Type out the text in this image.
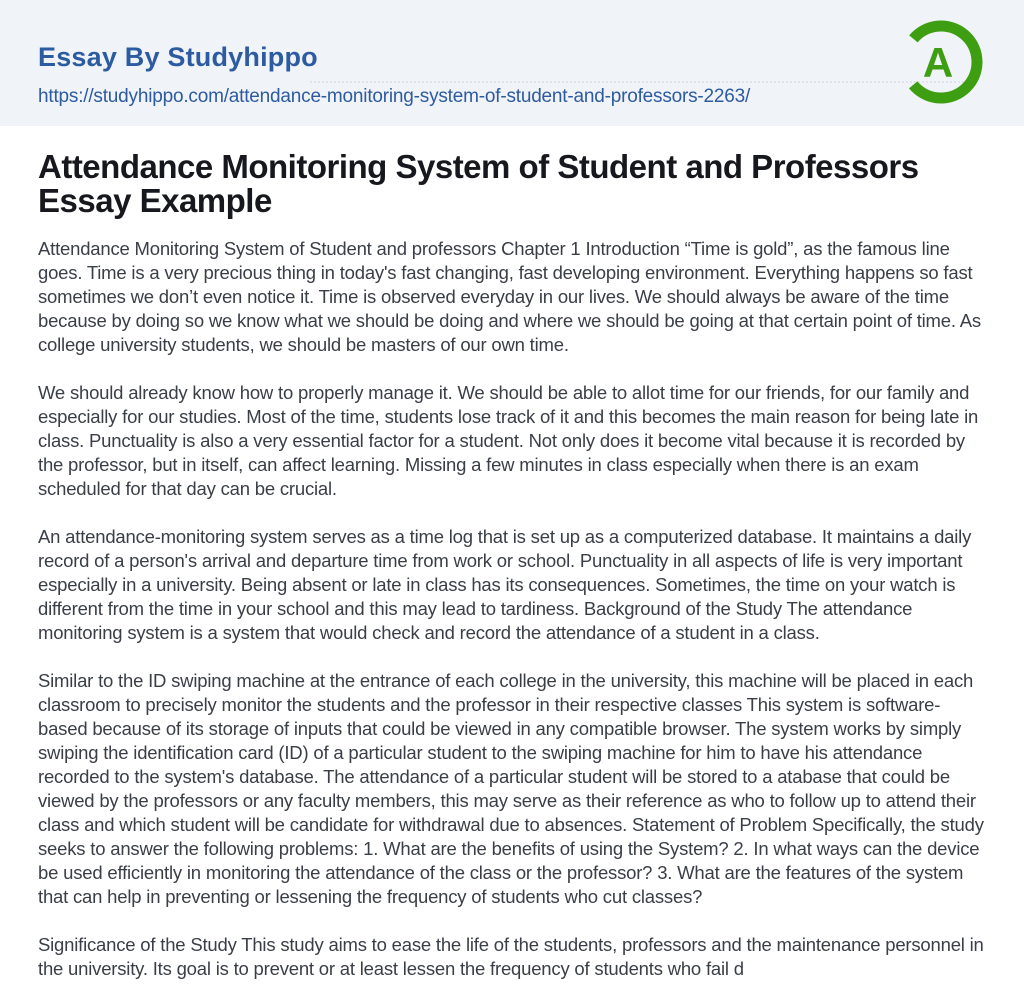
Essay By Studyhippo
https://studyhippo.com/attendance-monitoring-system-of-student-and-professors-2263/
A
Attendance Monitoring System of Student and Professors Essay Example

Attendance Monitoring System of Student and professors Chapter 1 Introduction “Time is gold”, as the famous line goes. Time is a very precious thing in today's fast changing, fast developing environment. Everything happens so fast sometimes we don’t even notice it. Time is observed everyday in our lives. We should always be aware of the time because by doing so we know what we should be doing and where we should be going at that certain point of time. As college university students, we should be masters of our own time.

We should already know how to properly manage it. We should be able to allot time for our friends, for our family and especially for our studies. Most of the time, students lose track of it and this becomes the main reason for being late in class. Punctuality is also a very essential factor for a student. Not only does it become vital because it is recorded by the professor, but in itself, can affect learning. Missing a few minutes in class especially when there is an exam scheduled for that day can be crucial.

An attendance-monitoring system serves as a time log that is set up as a computerized database. It maintains a daily record of a person's arrival and departure time from work or school. Punctuality in all aspects of life is very important especially in a university. Being absent or late in class has its consequences. Sometimes, the time on your watch is different from the time in your school and this may lead to tardiness. Background of the Study The attendance monitoring system is a system that would check and record the attendance of a student in a class.

Similar to the ID swiping machine at the entrance of each college in the university, this machine will be placed in each classroom to precisely monitor the students and the professor in their respective classes This system is software-based because of its storage of inputs that could be viewed in any compatible browser. The system works by simply swiping the identification card (ID) of a particular student to the swiping machine for him to have his attendance recorded to the system's database. The attendance of a particular student will be stored to a atabase that could be viewed by the professors or any faculty members, this may serve as their reference as who to follow up to attend their class and which student will be candidate for withdrawal due to absences. Statement of Problem Specifically, the study seeks to answer the following problems: 1. What are the benefits of using the System? 2. In what ways can the device be used efficiently in monitoring the attendance of the class or the professor? 3. What are the features of the system that can help in preventing or lessening the frequency of students who cut classes?

Significance of the Study This study aims to ease the life of the students, professors and the maintenance personnel in the university. Its goal is to prevent or at least lessen the frequency of students who fail d
